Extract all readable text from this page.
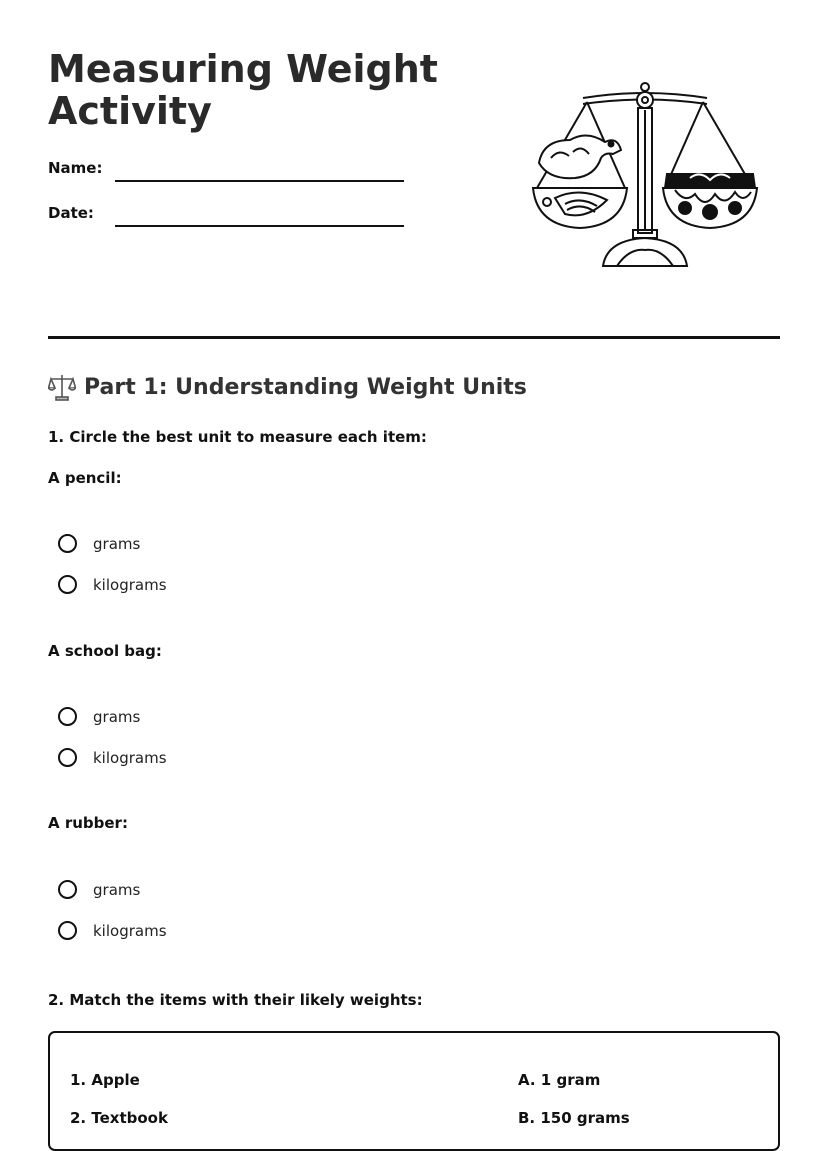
Measuring Weight
Activity
Name:
Date:
Part 1: Understanding Weight Units
1. Circle the best unit to measure each item:
A pencil:
grams
kilograms
A school bag:
grams
kilograms
A rubber:
grams
kilograms
2. Match the items with their likely weights:
1. Apple
2. Textbook
A. 1 gram
B. 150 grams
